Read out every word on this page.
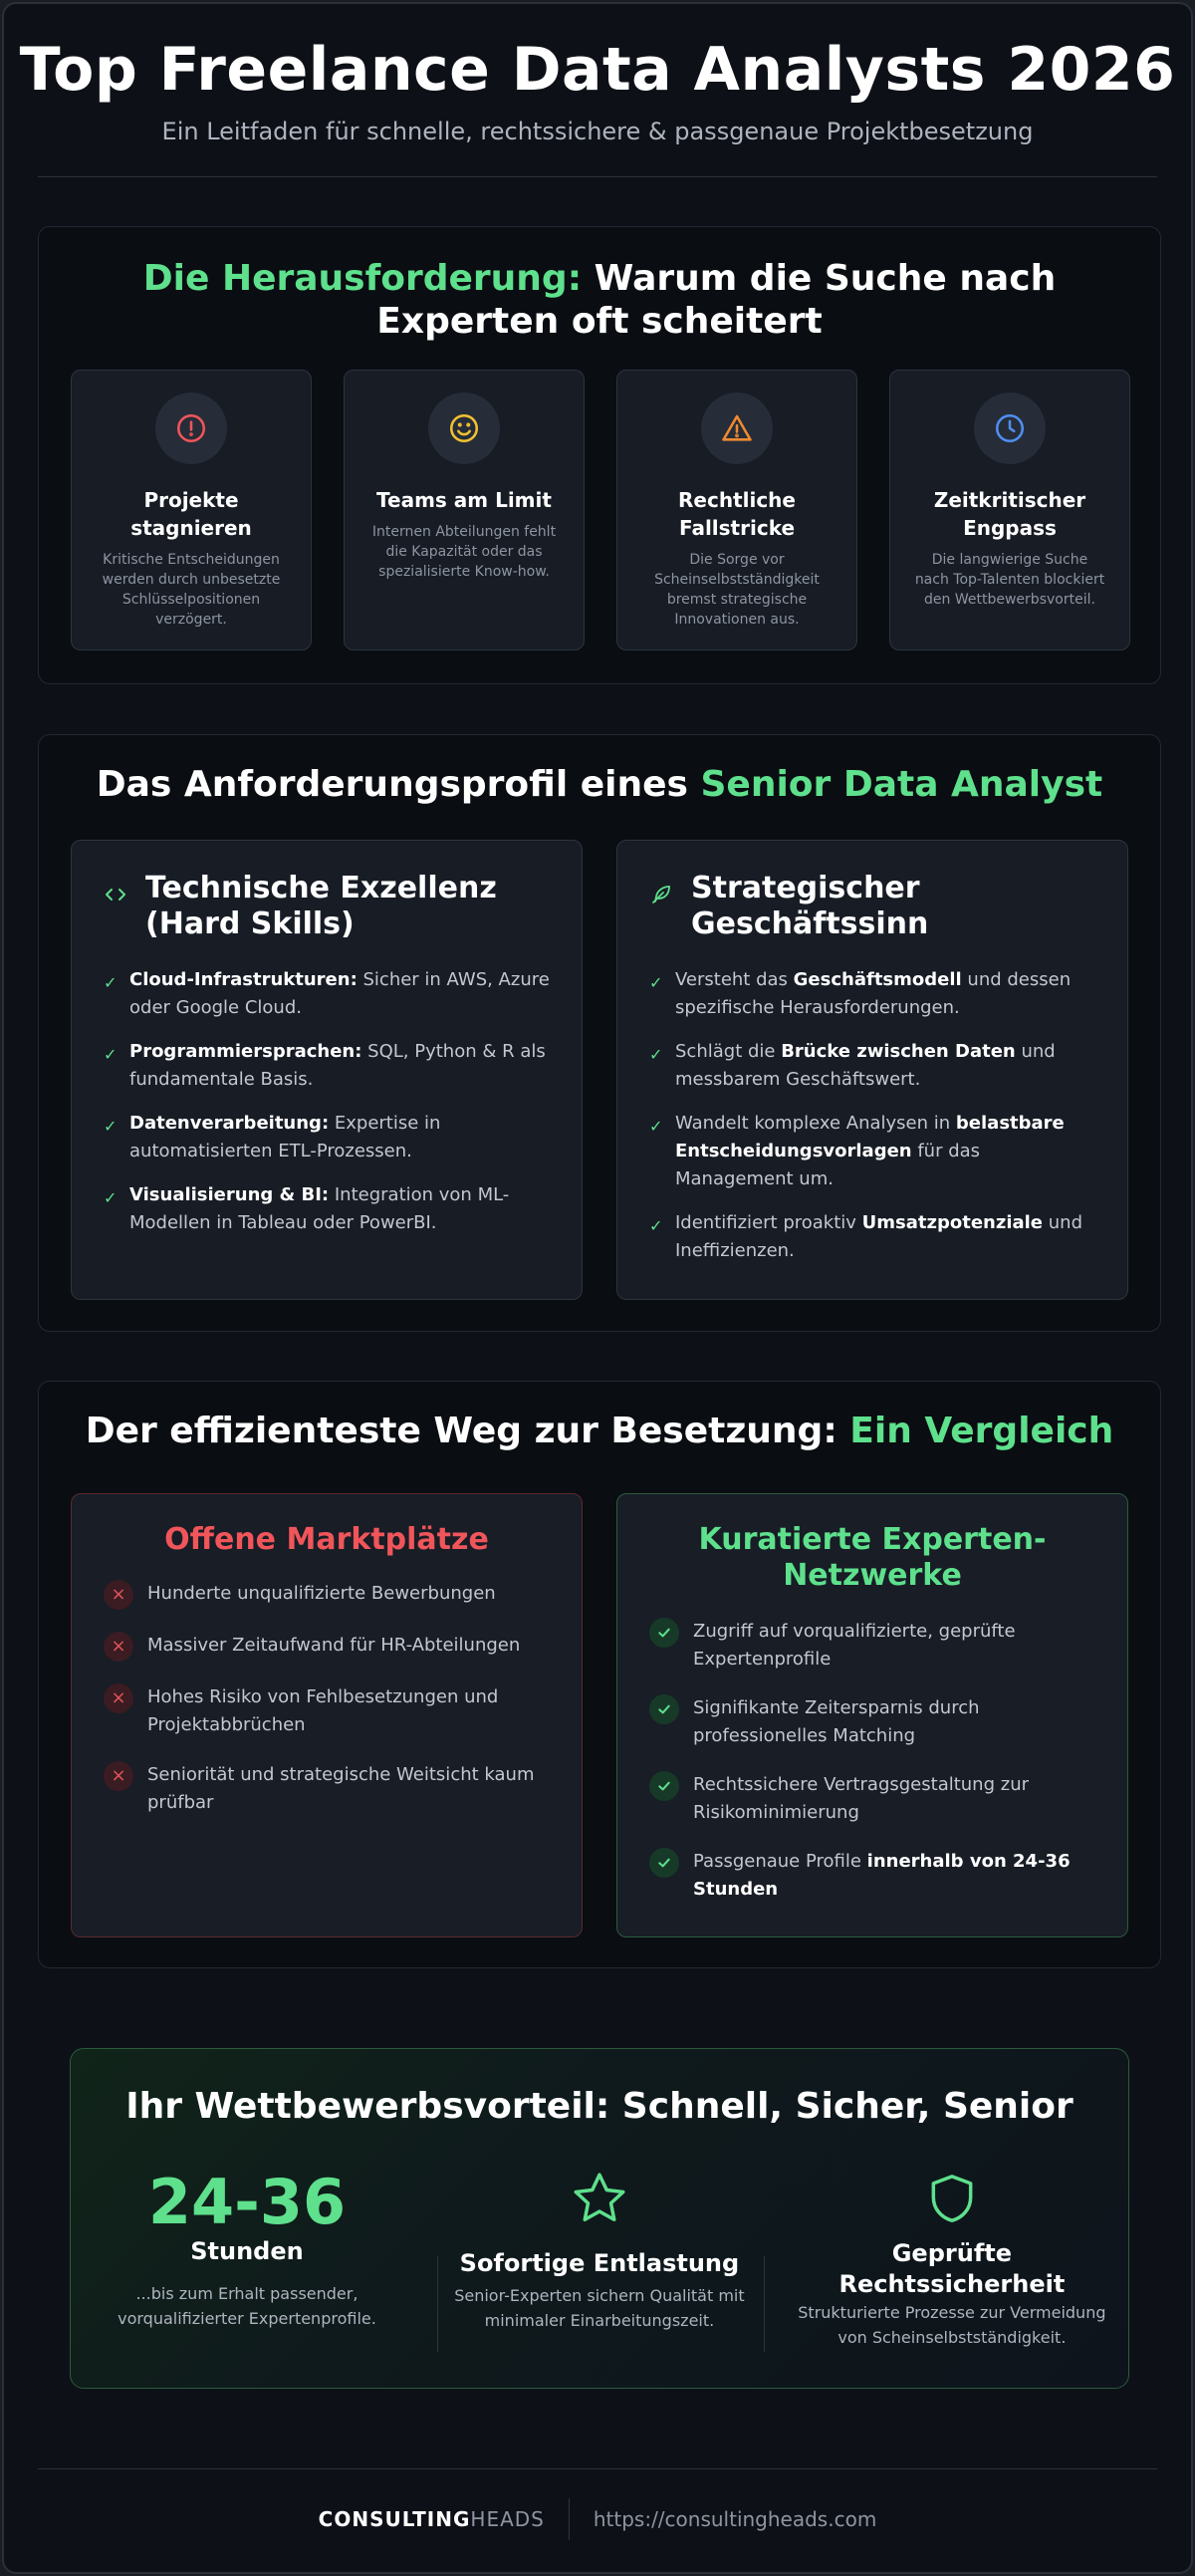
Top Freelance Data Analysts 2026
Ein Leitfaden für schnelle, rechtssichere & passgenaue Projektbesetzung
Die Herausforderung: Warum die Suche nach
Experten oft scheitert
Projekte
stagnieren
Kritische Entscheidungen
werden durch unbesetzte
Schlüsselpositionen
verzögert.
Teams am Limit
Internen Abteilungen fehlt
die Kapazität oder das
spezialisierte Know-how.
Rechtliche
Fallstricke
Die Sorge vor
Scheinselbstständigkeit
bremst strategische
Innovationen aus.
Zeitkritischer
Engpass
Die langwierige Suche
nach Top-Talenten blockiert
den Wettbewerbsvorteil.
Das Anforderungsprofil eines Senior Data Analyst
Technische Exzellenz
(Hard Skills)
✓ Cloud-Infrastrukturen: Sicher in AWS, Azure
oder Google Cloud.
✓ Programmiersprachen: SQL, Python & R als
fundamentale Basis.
✓ Datenverarbeitung: Expertise in
automatisierten ETL-Prozessen.
✓ Visualisierung & BI: Integration von ML-
Modellen in Tableau oder PowerBI.
Strategischer
Geschäftssinn
✓ Versteht das Geschäftsmodell und dessen
spezifische Herausforderungen.
✓ Schlägt die Brücke zwischen Daten und
messbarem Geschäftswert.
✓ Wandelt komplexe Analysen in belastbare
Entscheidungsvorlagen für das
Management um.
✓ Identifiziert proaktiv Umsatzpotenziale und
Ineffizienzen.
Der effizienteste Weg zur Besetzung: Ein Vergleich
Offene Marktplätze
×	Hunderte unqualifizierte Bewerbungen
×	Massiver Zeitaufwand für HR-Abteilungen
×	Hohes Risiko von Fehlbesetzungen und
Projektabbrüchen
×	Seniorität und strategische Weitsicht kaum
prüfbar
Kuratierte Experten-
Netzwerke
Zugriff auf vorqualifizierte, geprüfte
Expertenprofile
Signifikante Zeitersparnis durch
professionelles Matching
Rechtssichere Vertragsgestaltung zur
Risikominimierung
Passgenaue Profile innerhalb von 24-36
Stunden
Ihr Wettbewerbsvorteil: Schnell, Sicher, Senior
24-36
Stunden
...bis zum Erhalt passender,
vorqualifizierter Expertenprofile.
Sofortige Entlastung
Senior-Experten sichern Qualität mit
minimaler Einarbeitungszeit.
Geprüfte
Rechtssicherheit
Strukturierte Prozesse zur Vermeidung
von Scheinselbstständigkeit.
CONSULTINGHEADS https://consultingheads.com
